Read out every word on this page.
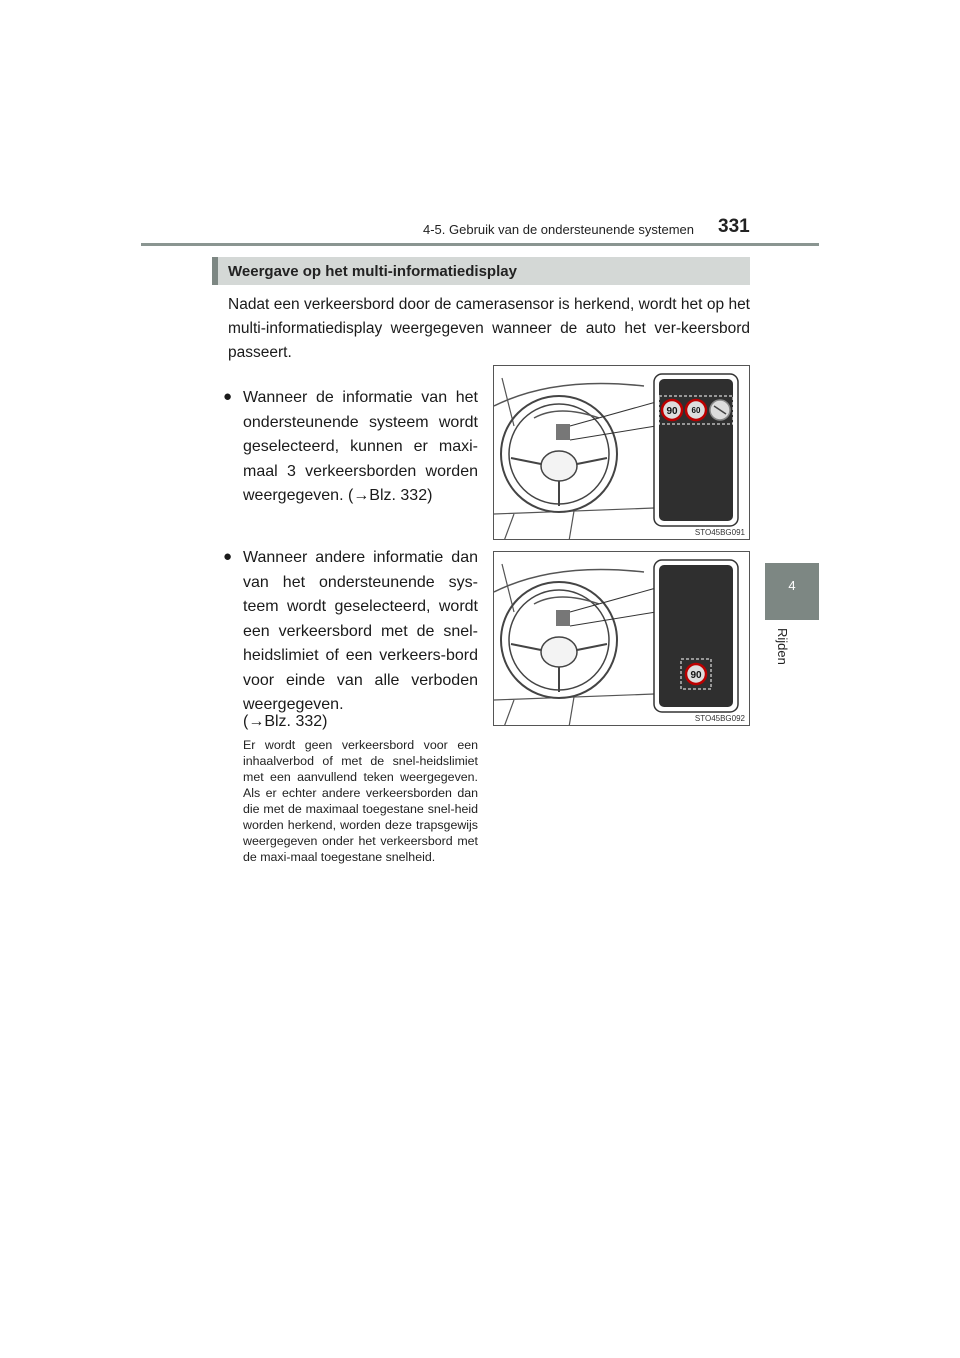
4-5. Gebruik van de ondersteunende systemen 331
4
Rijden
Weergave op het multi-informatiedisplay

Nadat een verkeersbord door de camerasensor is herkend, wordt het op het multi-informatiedisplay weergegeven wanneer de auto het ver-keersbord passeert.

● Wanneer de informatie van het ondersteunende systeem wordt geselecteerd, kunnen er maxi-maal 3 verkeersborden worden weergegeven. (→Blz. 332)

● Wanneer andere informatie dan van het ondersteunende sys-teem wordt geselecteerd, wordt een verkeersbord met de snel-heidslimiet of een verkeers-bord voor einde van alle verboden weergegeven.

(→Blz. 332)

Er wordt geen verkeersbord voor een inhaalverbod of met de snel-heidslimiet met een aanvullend teken weergegeven. Als er echter andere verkeersborden dan die met de maximaal toegestane snel-heid worden herkend, worden deze trapsgewijs weergegeven onder het verkeersbord met de maxi-maal toegestane snelheid.

90 60
STO45BG091
90
STO45BG092
